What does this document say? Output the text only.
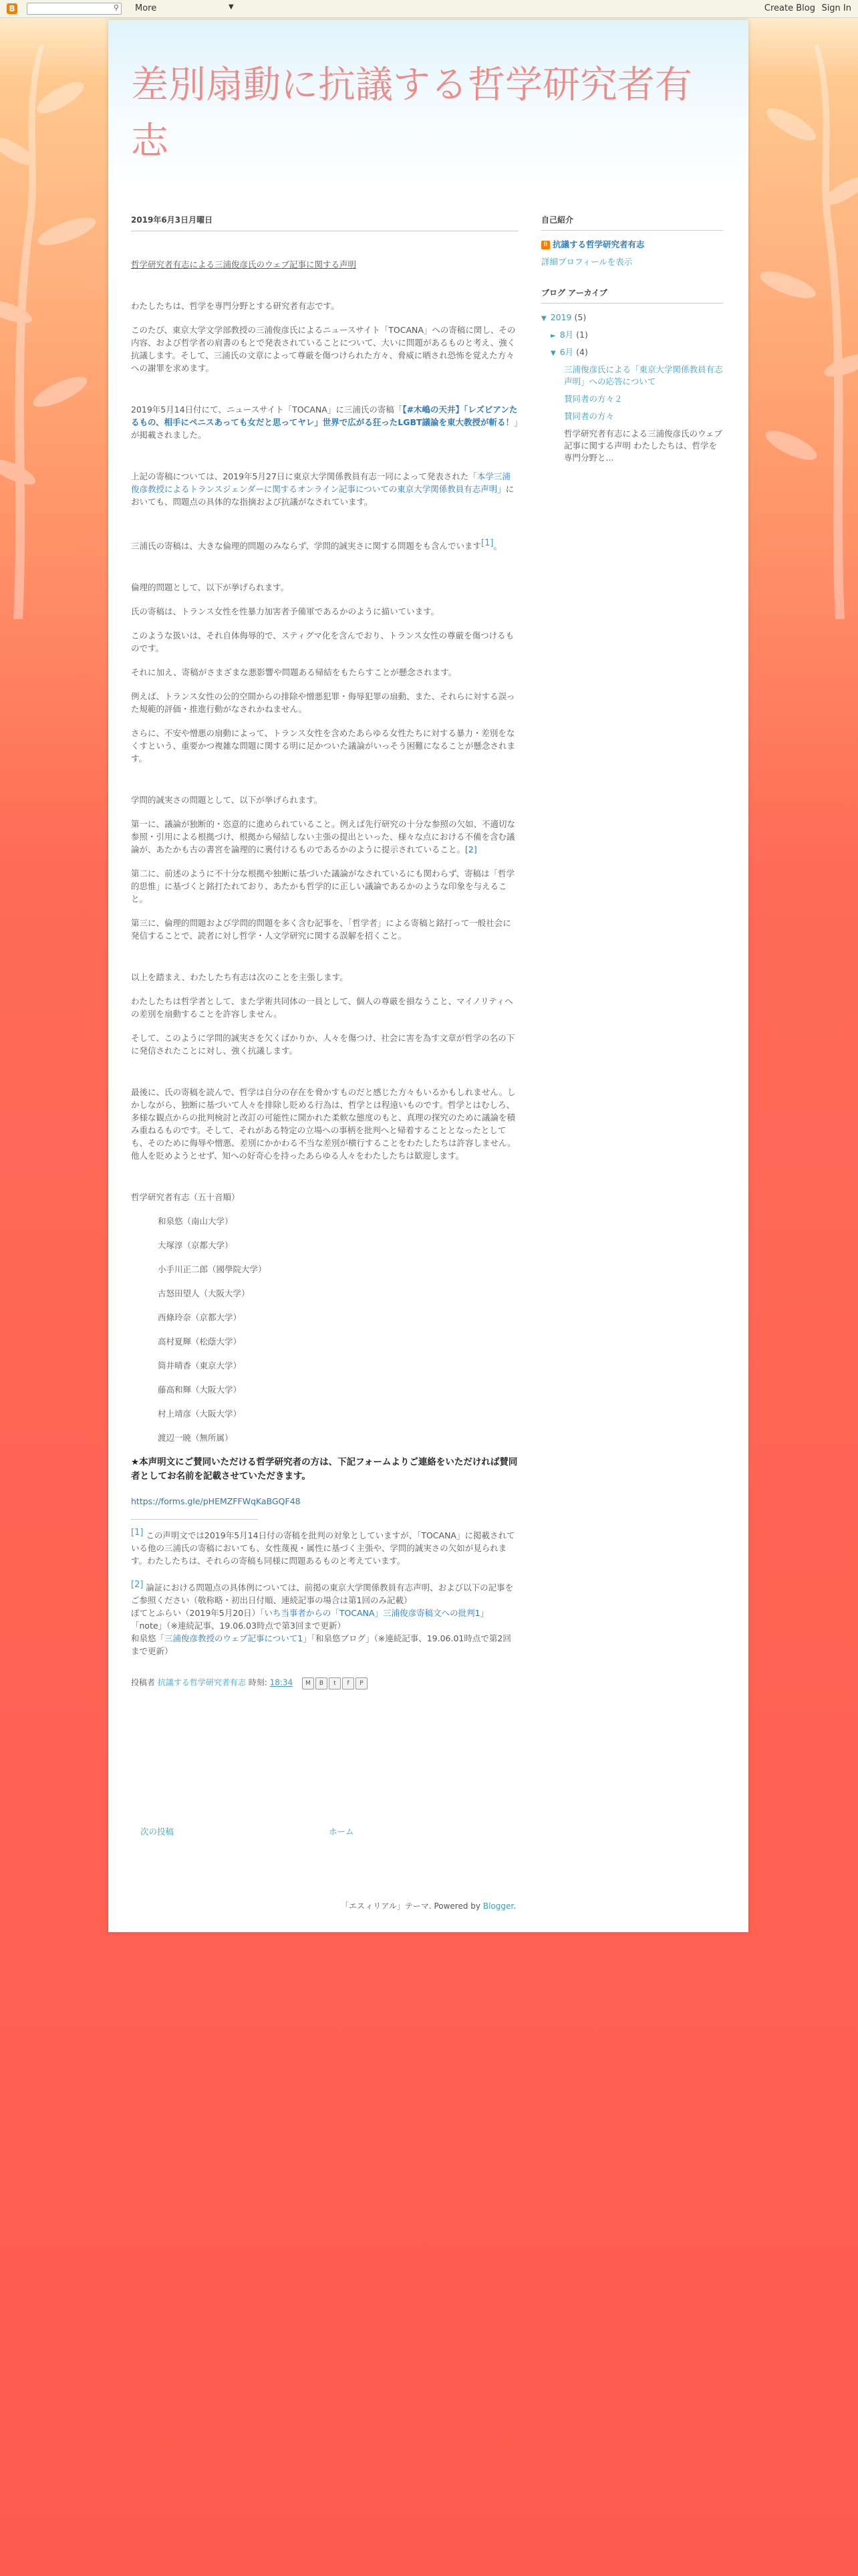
B	⚲ More	▼	Create Blog Sign In
差別扇動に抗議する哲学研究者有志
2019年6月3日月曜日

哲学研究者有志による三浦俊彦氏のウェブ記事に関する声明

わたしたちは、哲学を専門分野とする研究者有志です。

このたび、東京大学文学部教授の三浦俊彦氏によるニュースサイト「TOCANA」への寄稿に関し、その内容、および哲学者の肩書のもとで発表されていることについて、大いに問題があるものと考え、強く抗議します。そして、三浦氏の文章によって尊厳を傷つけられた方々、脅威に晒され恐怖を覚えた方々への謝罪を求めます。

2019年5月14日付にて、ニュースサイト「TOCANA」に三浦氏の寄稿「【#木嶋の天井】「レズビアンたるもの、相手にペニスあっても女だと思ってヤレ」世界で広がる狂ったLGBT議論を東大教授が斬る！」が掲載されました。

上記の寄稿については、2019年5月27日に東京大学関係教員有志一同によって発表された「本学三浦俊彦教授によるトランスジェンダーに関するオンライン記事についての東京大学関係教員有志声明」においても、問題点の具体的な指摘および抗議がなされています。

三浦氏の寄稿は、大きな倫理的問題のみならず、学問的誠実さに関する問題をも含んでいます[1]。

倫理的問題として、以下が挙げられます。

氏の寄稿は、トランス女性を性暴力加害者予備軍であるかのように描いています。

このような扱いは、それ自体侮辱的で、スティグマ化を含んでおり、トランス女性の尊厳を傷つけるものです。

それに加え、寄稿がさまざまな悪影響や問題ある帰結をもたらすことが懸念されます。

例えば、トランス女性の公的空間からの排除や憎悪犯罪・侮辱犯罪の扇動、また、それらに対する誤った規範的評価・推進行動がなされかねません。

さらに、不安や憎悪の扇動によって、トランス女性を含めたあらゆる女性たちに対する暴力・差別をなくすという、重要かつ複雑な問題に関する明に足かついた議論がいっそう困難になることが懸念されます。

学問的誠実さの問題として、以下が挙げられます。

第一に、議論が独断的・恣意的に進められていること。例えば先行研究の十分な参照の欠如、不適切な参照・引用による根拠づけ、根拠から帰結しない主張の提出といった、様々な点における不備を含む議論が、あたかも古の書宮を論理的に裏付けるものであるかのように提示されていること。[2]

第二に、前述のように不十分な根拠や独断に基づいた議論がなされているにも関わらず、寄稿は「哲学的思惟」に基づくと銘打たれており、あたかも哲学的に正しい議論であるかのような印象を与えること。

第三に、倫理的問題および学問的問題を多く含む記事を、「哲学者」による寄稿と銘打って一般社会に発信することで、読者に対し哲学・人文学研究に関する誤解を招くこと。

以上を踏まえ、わたしたち有志は次のことを主張します。

わたしたちは哲学者として、また学術共同体の一員として、個人の尊厳を損なうこと、マイノリティへの差別を扇動することを許容しません。

そして、このように学問的誠実さを欠くばかりか、人々を傷つけ、社会に害を為す文章が哲学の名の下に発信されたことに対し、強く抗議します。

最後に、氏の寄稿を読んで、哲学は自分の存在を脅かすものだと感じた方々もいるかもしれません。しかしながら、独断に基づいて人々を排除し貶める行為は、哲学とは程遠いものです。哲学とはむしろ、多様な観点からの批判検討と改訂の可能性に開かれた柔軟な態度のもと、真理の探究のために議論を積み重ねるものです。そして、それがある特定の立場への事柄を批判へと帰着することとなったとしても、そのために侮辱や憎悪、差別にかかわる不当な差別が横行することをわたしたちは許容しません。他人を貶めようとせず、知への好奇心を持ったあらゆる人々をわたしたちは歓迎します。

哲学研究者有志（五十音順）

和泉悠（南山大学）

大塚淳（京都大学）

小手川正二郎（國學院大学）

古怒田望人（大阪大学）

西條玲奈（京都大学）

高村夏輝（松蔭大学）

筒井晴香（東京大学）

藤高和輝（大阪大学）

村上靖彦（大阪大学）

渡辺一暁（無所属）

★本声明文にご賛同いただける哲学研究者の方は、下記フォームよりご連絡をいただければ賛同者としてお名前を記載させていただきます。

https://forms.gle/pHEMZFFWqKaBGQF48

[1] この声明文では2019年5月14日付の寄稿を批判の対象としていますが、「TOCANA」に掲載されている他の三浦氏の寄稿においても、女性蔑視・属性に基づく主張や、学問的誠実さの欠如が見られます。わたしたちは、それらの寄稿も同様に問題あるものと考えています。

[2] 論証における問題点の具体例については、前掲の東京大学関係教員有志声明、および以下の記事をご参照ください（敬称略・初出日付順、連続記事の場合は第1回のみ記載）
ぽてとふらい（2019年5月20日）「いち当事者からの「TOCANA」三浦俊彦寄稿文への批判1」
「note」（※連続記事、19.06.03時点で第3回まで更新）
和泉悠「三浦俊彦教授のウェブ記事について1」「和泉悠ブログ」（※連続記事、19.06.01時点で第2回まで更新）

投稿者 抗議する哲学研究者有志 時刻: 18:34 M B t f P
次の投稿	ホーム
自己紹介
B 抗議する哲学研究者有志
詳細プロフィールを表示
ブログ アーカイブ
▼ 2019 (5)
► 8月 (1)
▼ 6月 (4)
三浦俊彦氏による「東京大学関係教員有志声明」への応答について
賛同者の方々２
賛同者の方々
哲学研究者有志による三浦俊彦氏のウェブ記事に関する声明 わたしたちは、哲学を専門分野と...
「エスィリアル」テーマ. Powered by Blogger.
